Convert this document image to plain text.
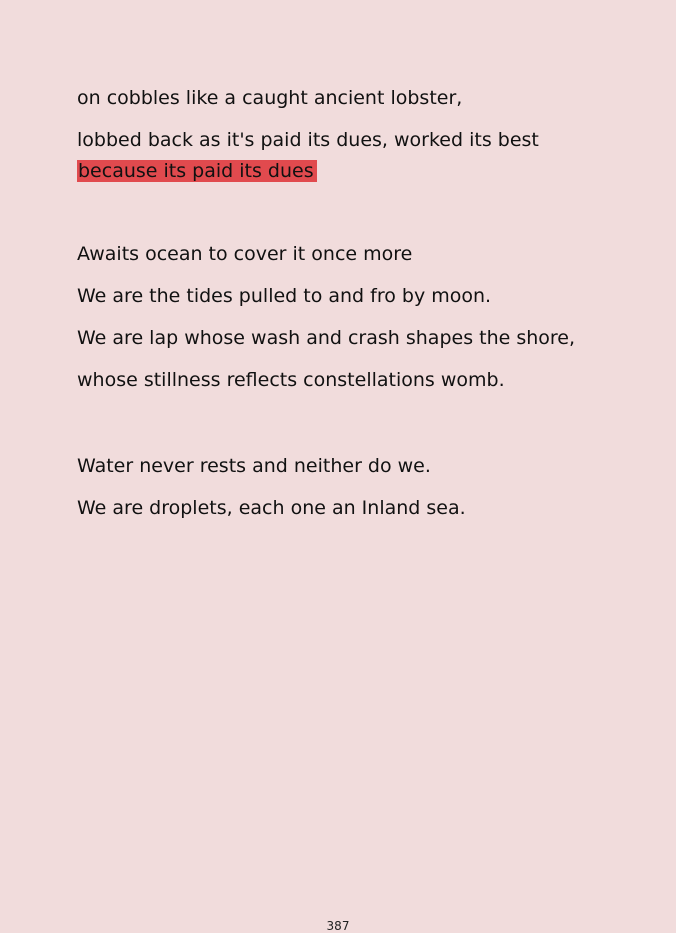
on cobbles like a caught ancient lobster,

lobbed back as it's paid its dues, worked its best because its paid its dues

Awaits ocean to cover it once more

We are the tides pulled to and fro by moon.

We are lap whose wash and crash shapes the shore,

whose stillness reflects constellations womb.

Water never rests and neither do we.

We are droplets, each one an Inland sea.

387
